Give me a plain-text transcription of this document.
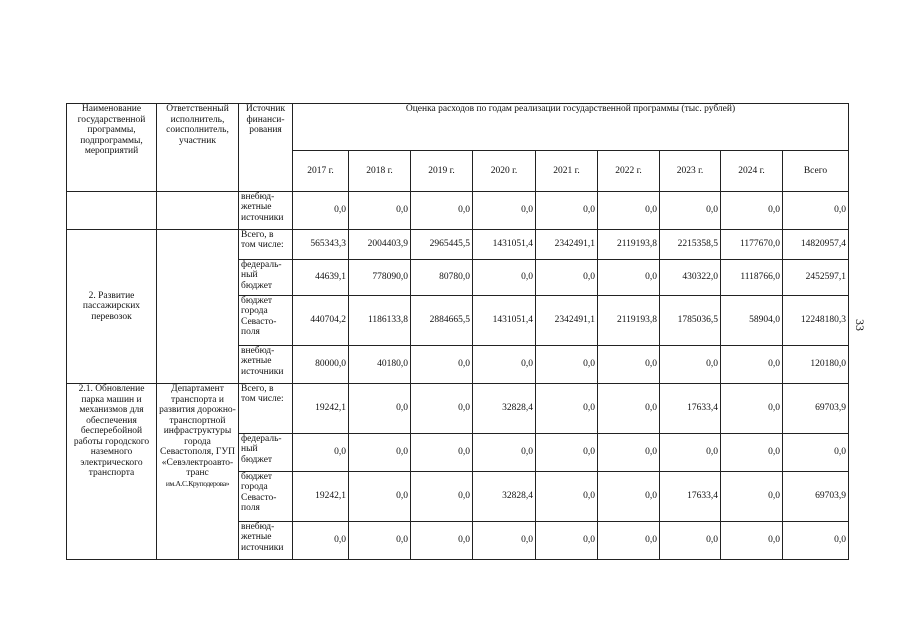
33
Наименование государственной программы, подпрограммы, мероприятий	Ответственный исполнитель, соисполнитель, участник	Источник финанси-рования	Оценка расходов по годам реализации государственной программы (тыс. рублей)								
			2017 г.	2018 г.	2019 г.	2020 г.	2021 г.	2022 г.	2023 г.	2024 г.	Всего
		внебюд-жетные источники	0,0	0,0	0,0	0,0	0,0	0,0	0,0	0,0	0,0
2. Развитие пассажирских перевозок		Всего, в том числе:	565343,3	2004403,9	2965445,5	1431051,4	2342491,1	2119193,8	2215358,5	1177670,0	14820957,4
		федераль-ный бюджет	44639,1	778090,0	80780,0	0,0	0,0	0,0	430322,0	1118766,0	2452597,1
		бюджет города Севасто-поля	440704,2	1186133,8	2884665,5	1431051,4	2342491,1	2119193,8	1785036,5	58904,0	12248180,3
		внебюд-жетные источники	80000,0	40180,0	0,0	0,0	0,0	0,0	0,0	0,0	120180,0
2.1. Обновление парка машин и механизмов для обеспечения бесперебойной работы городского наземного электрического транспорта	Департамент транспорта и развития дорожно-транспортной инфраструктуры города Севастополя, ГУП «Севэлектроавто-транс
им.А.С.Круподерова»	Всего, в том числе:	19242,1	0,0	0,0	32828,4	0,0	0,0	17633,4	0,0	69703,9
		федераль-ный бюджет	0,0	0,0	0,0	0,0	0,0	0,0	0,0	0,0	0,0
		бюджет города Севасто-поля	19242,1	0,0	0,0	32828,4	0,0	0,0	17633,4	0,0	69703,9
		внебюд-жетные источники	0,0	0,0	0,0	0,0	0,0	0,0	0,0	0,0	0,0
